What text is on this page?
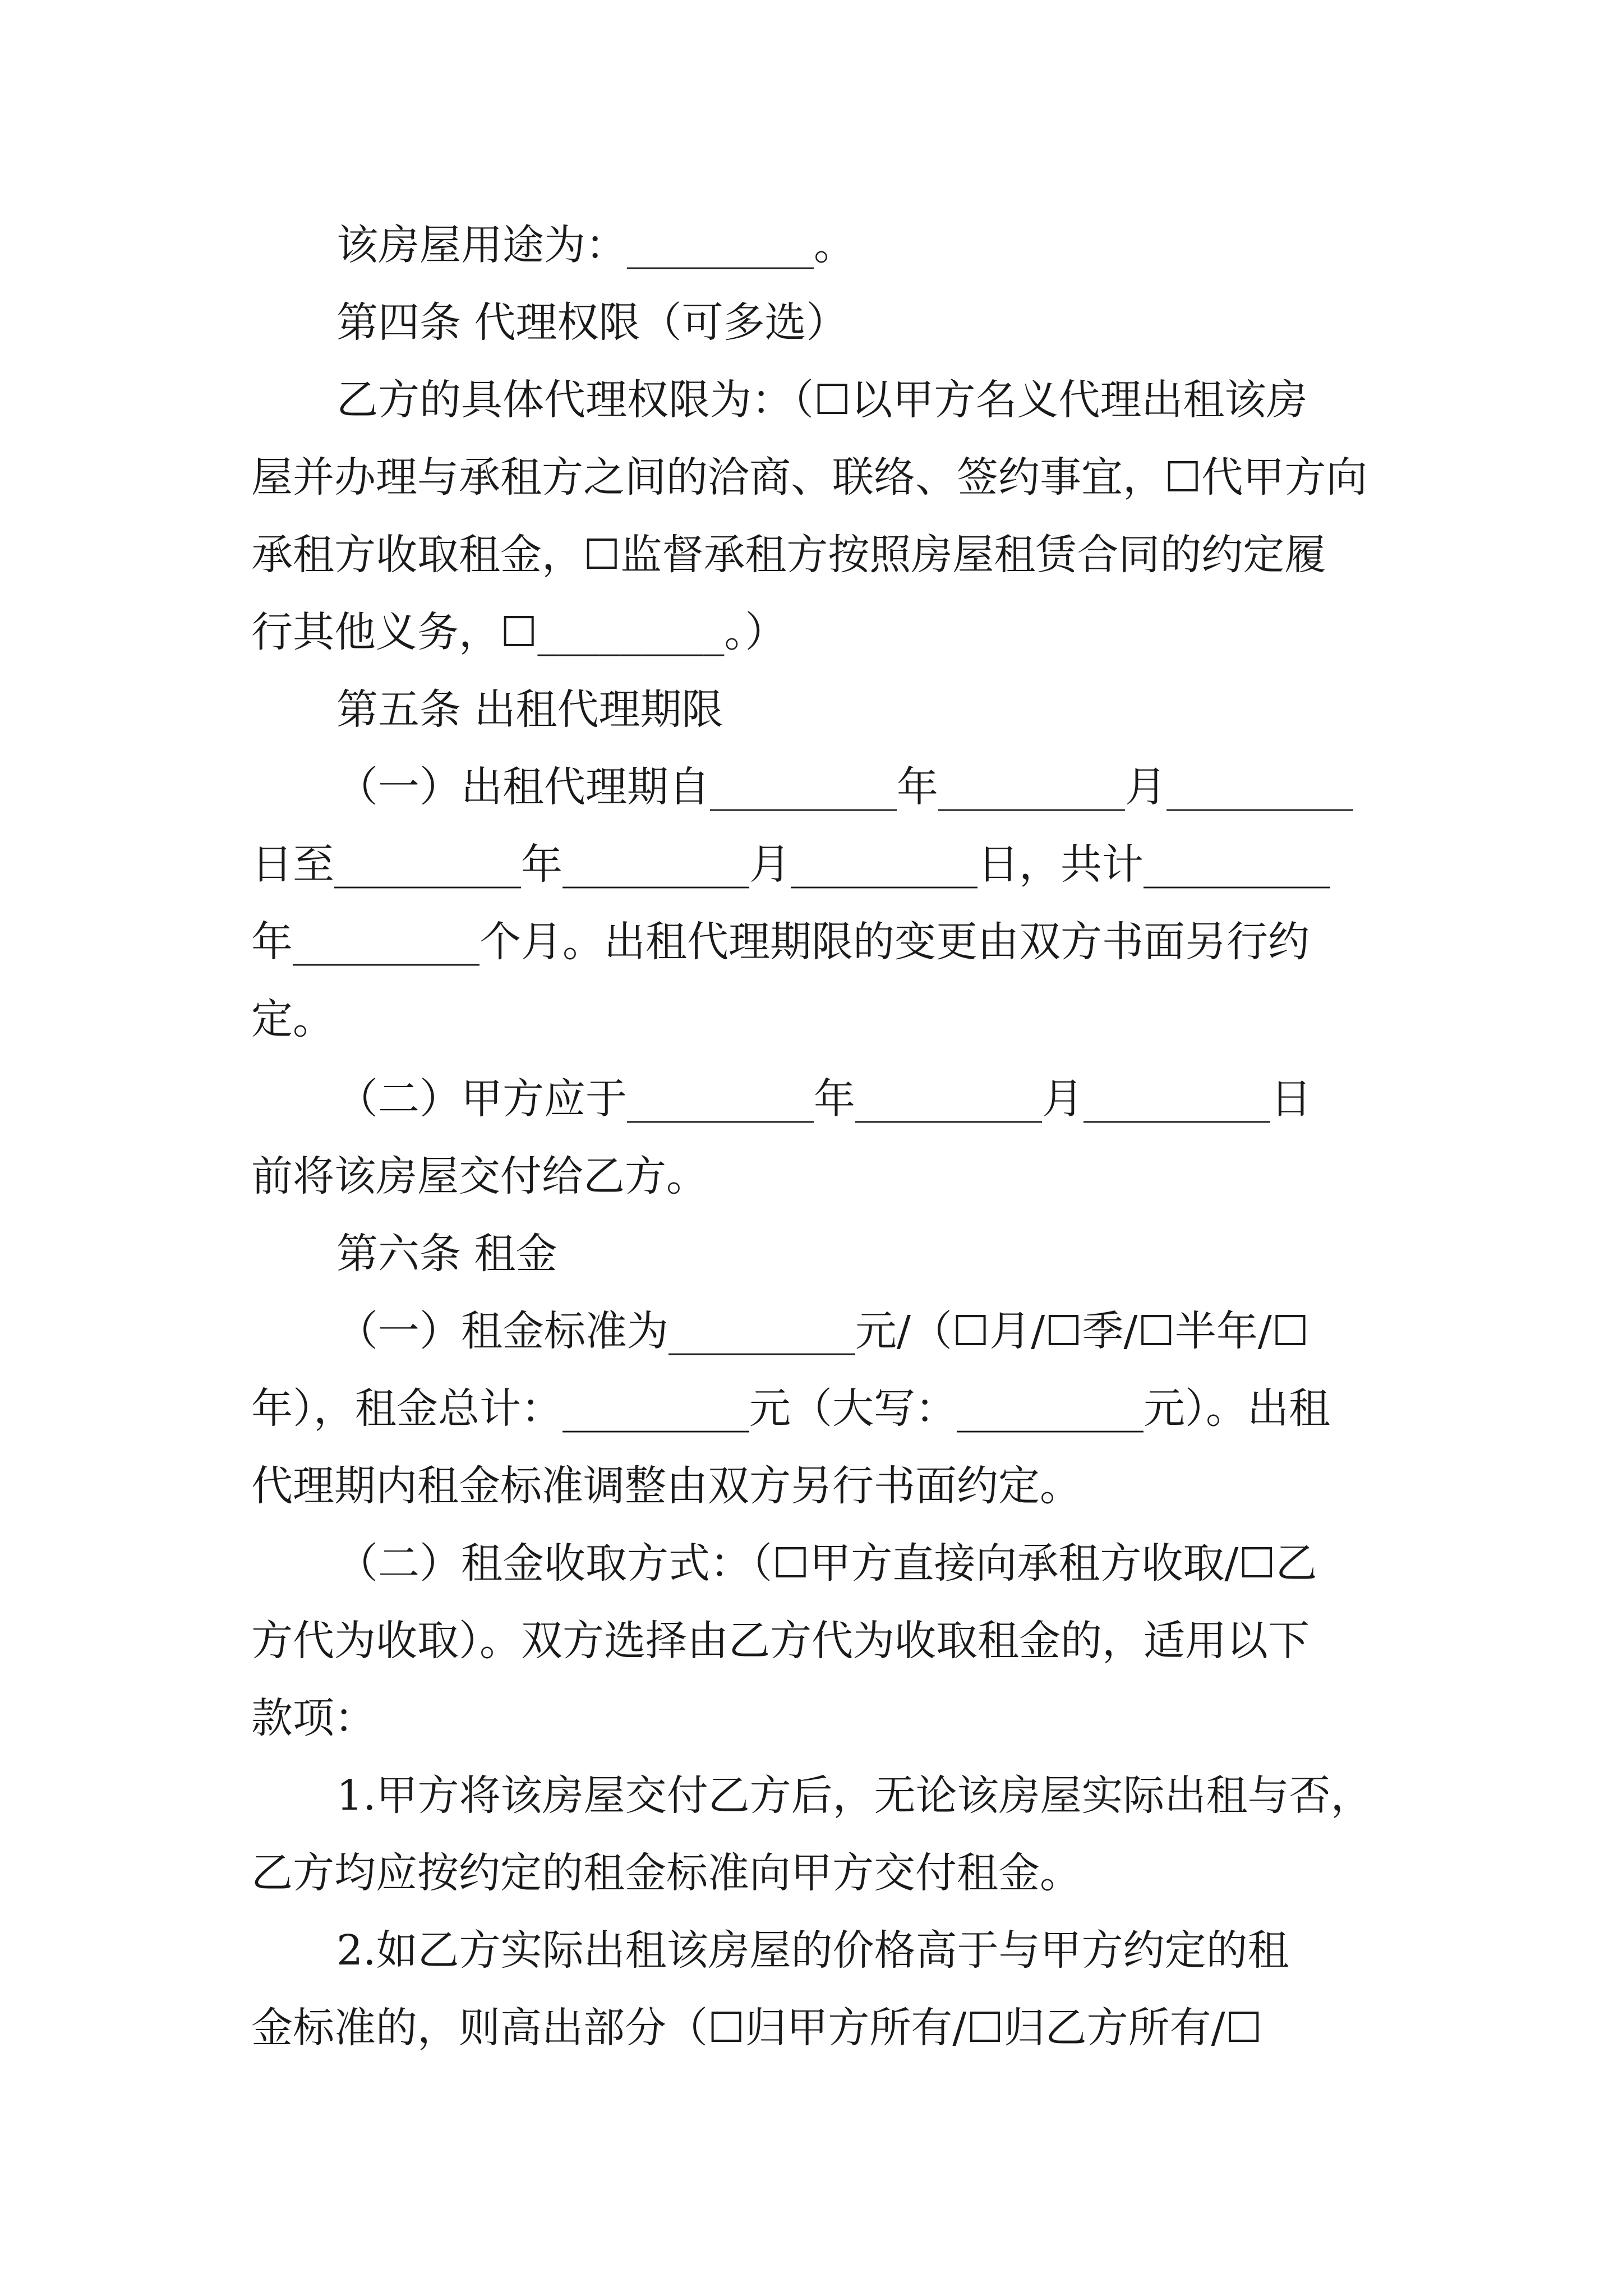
该房屋用途为：_________。
第四条 代理权限（可多选）
乙方的具体代理权限为：（☐以甲方名义代理出租该房
屋并办理与承租方之间的洽商、联络、签约事宜，☐代甲方向
承租方收取租金，☐监督承租方按照房屋租赁合同的约定履
行其他义务，☐_________。）
第五条 出租代理期限
（一）出租代理期自_________年_________月_________
日至_________年_________月_________日，共计_________
年_________个月。出租代理期限的变更由双方书面另行约
定。
（二）甲方应于_________年_________月_________日
前将该房屋交付给乙方。
第六条 租金
（一）租金标准为_________元/（☐月/☐季/☐半年/☐
年），租金总计：_________元（大写：_________元）。出租
代理期内租金标准调整由双方另行书面约定。
（二）租金收取方式：（☐甲方直接向承租方收取/☐乙
方代为收取）。双方选择由乙方代为收取租金的，适用以下
款项：
1.甲方将该房屋交付乙方后，无论该房屋实际出租与否，
乙方均应按约定的租金标准向甲方交付租金。
2.如乙方实际出租该房屋的价格高于与甲方约定的租
金标准的，则高出部分（☐归甲方所有/☐归乙方所有/☐
